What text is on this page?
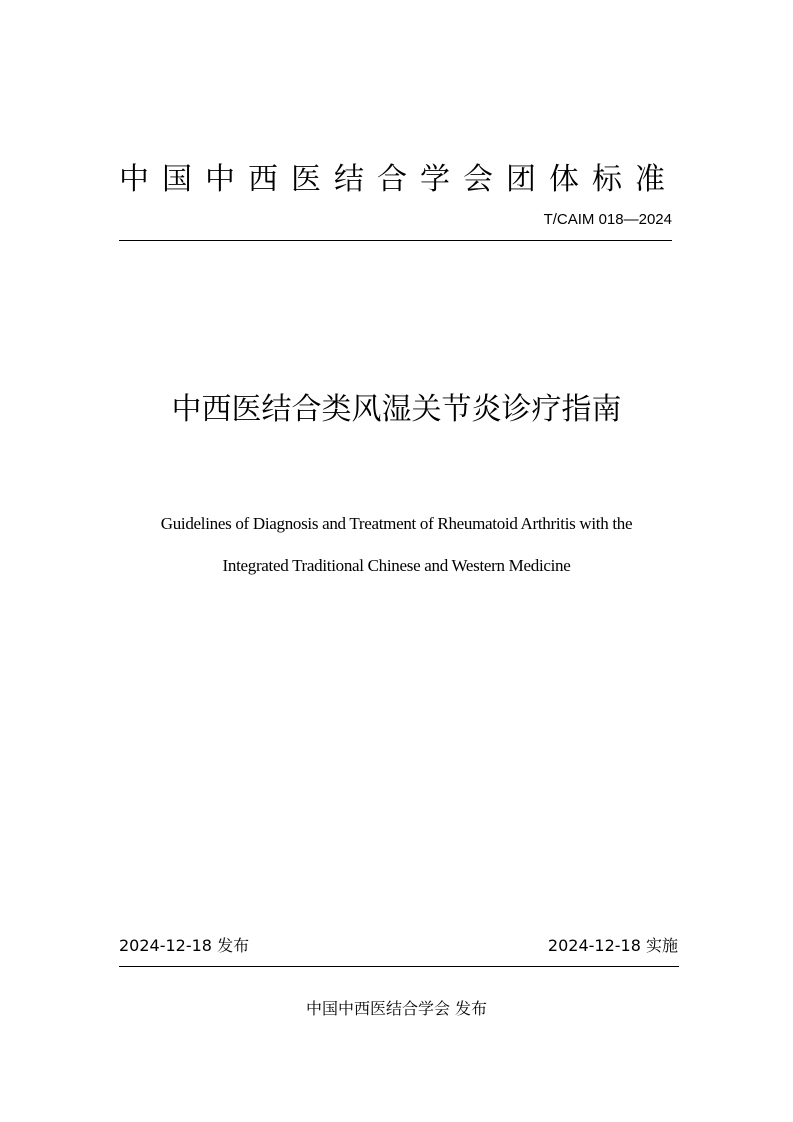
中国中西医结合学会团体标准
T/CAIM 018—2024
中西医结合类风湿关节炎诊疗指南
Guidelines of Diagnosis and Treatment of Rheumatoid Arthritis with the
Integrated Traditional Chinese and Western Medicine
2024-12-18 发布	2024-12-18 实施
中国中西医结合学会 发布
